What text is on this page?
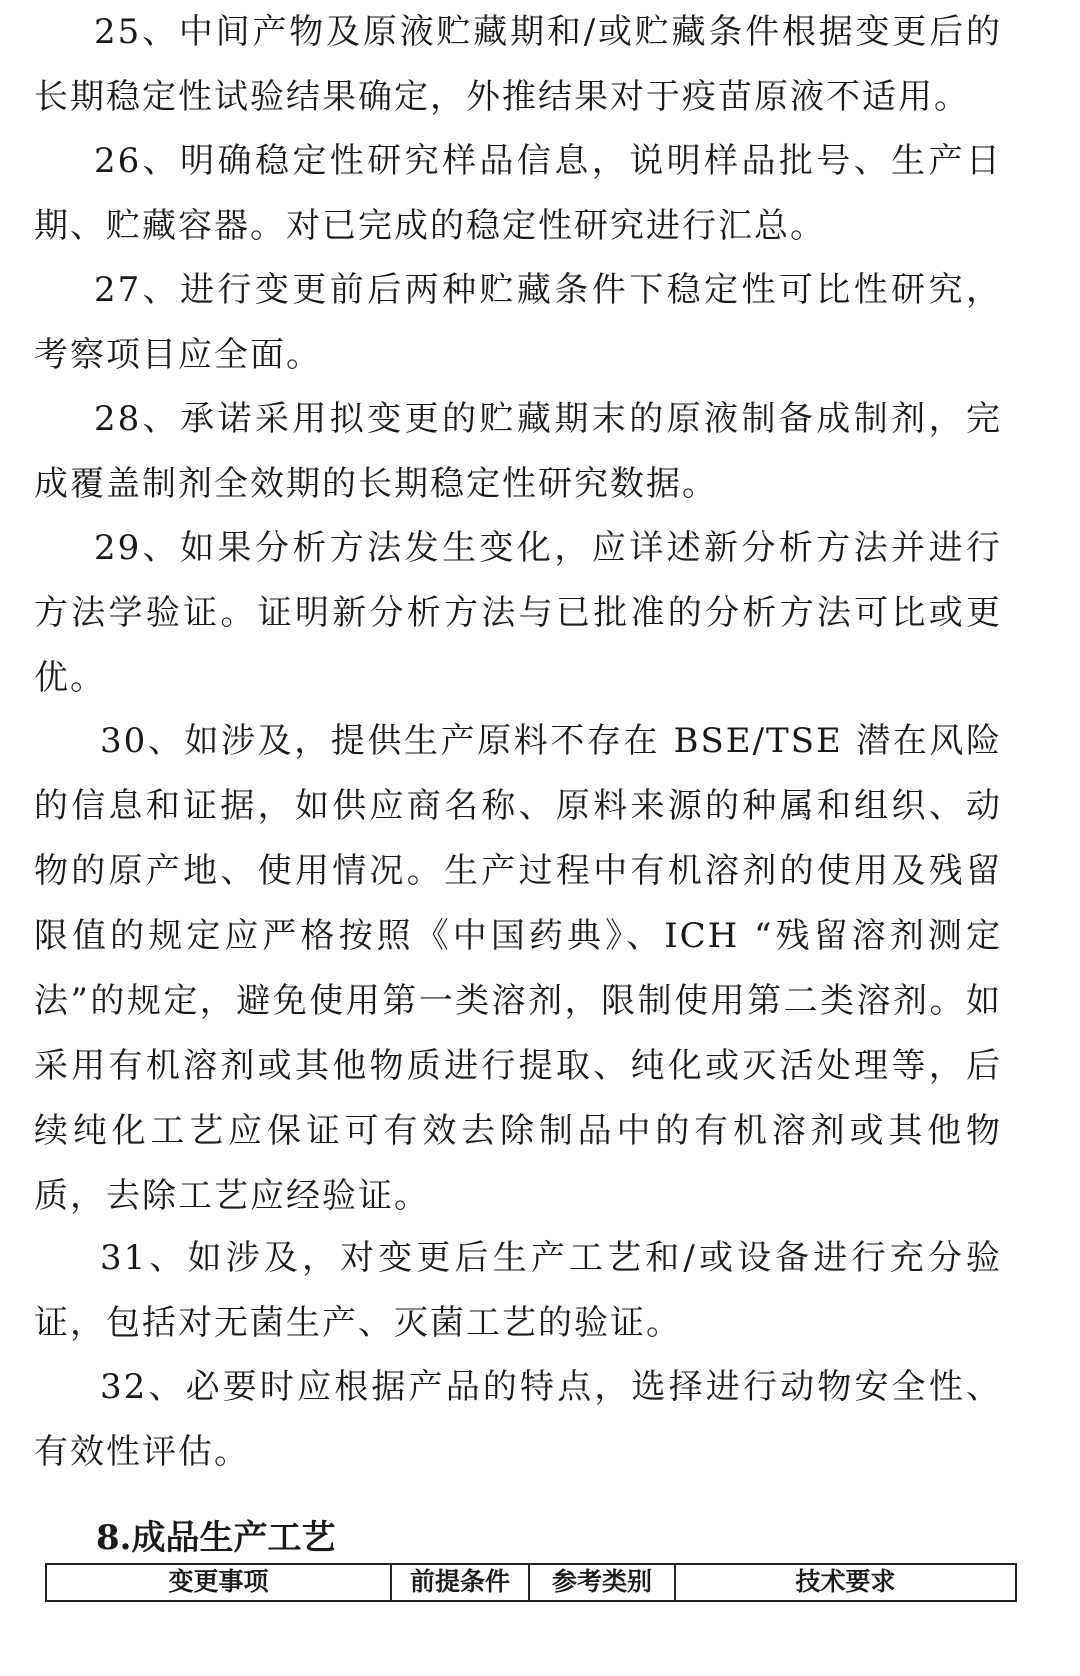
25、中间产物及原液贮藏期和/或贮藏条件根据变更后的长期稳定性试验结果确定，外推结果对于疫苗原液不适用。

26、明确稳定性研究样品信息，说明样品批号、生产日期、贮藏容器。对已完成的稳定性研究进行汇总。

27、进行变更前后两种贮藏条件下稳定性可比性研究，考察项目应全面。

28、承诺采用拟变更的贮藏期末的原液制备成制剂，完成覆盖制剂全效期的长期稳定性研究数据。

29、如果分析方法发生变化，应详述新分析方法并进行方法学验证。证明新分析方法与已批准的分析方法可比或更优。

30、如涉及，提供生产原料不存在 BSE/TSE 潜在风险的信息和证据，如供应商名称、原料来源的种属和组织、动物的原产地、使用情况。生产过程中有机溶剂的使用及残留限值的规定应严格按照《中国药典》、ICH “残留溶剂测定法”的规定，避免使用第一类溶剂，限制使用第二类溶剂。如采用有机溶剂或其他物质进行提取、纯化或灭活处理等，后续纯化工艺应保证可有效去除制品中的有机溶剂或其他物质，去除工艺应经验证。

31、如涉及，对变更后生产工艺和/或设备进行充分验证，包括对无菌生产、灭菌工艺的验证。

32、必要时应根据产品的特点，选择进行动物安全性、有效性评估。

8.成品生产工艺
变更事项	前提条件	参考类别	技术要求
